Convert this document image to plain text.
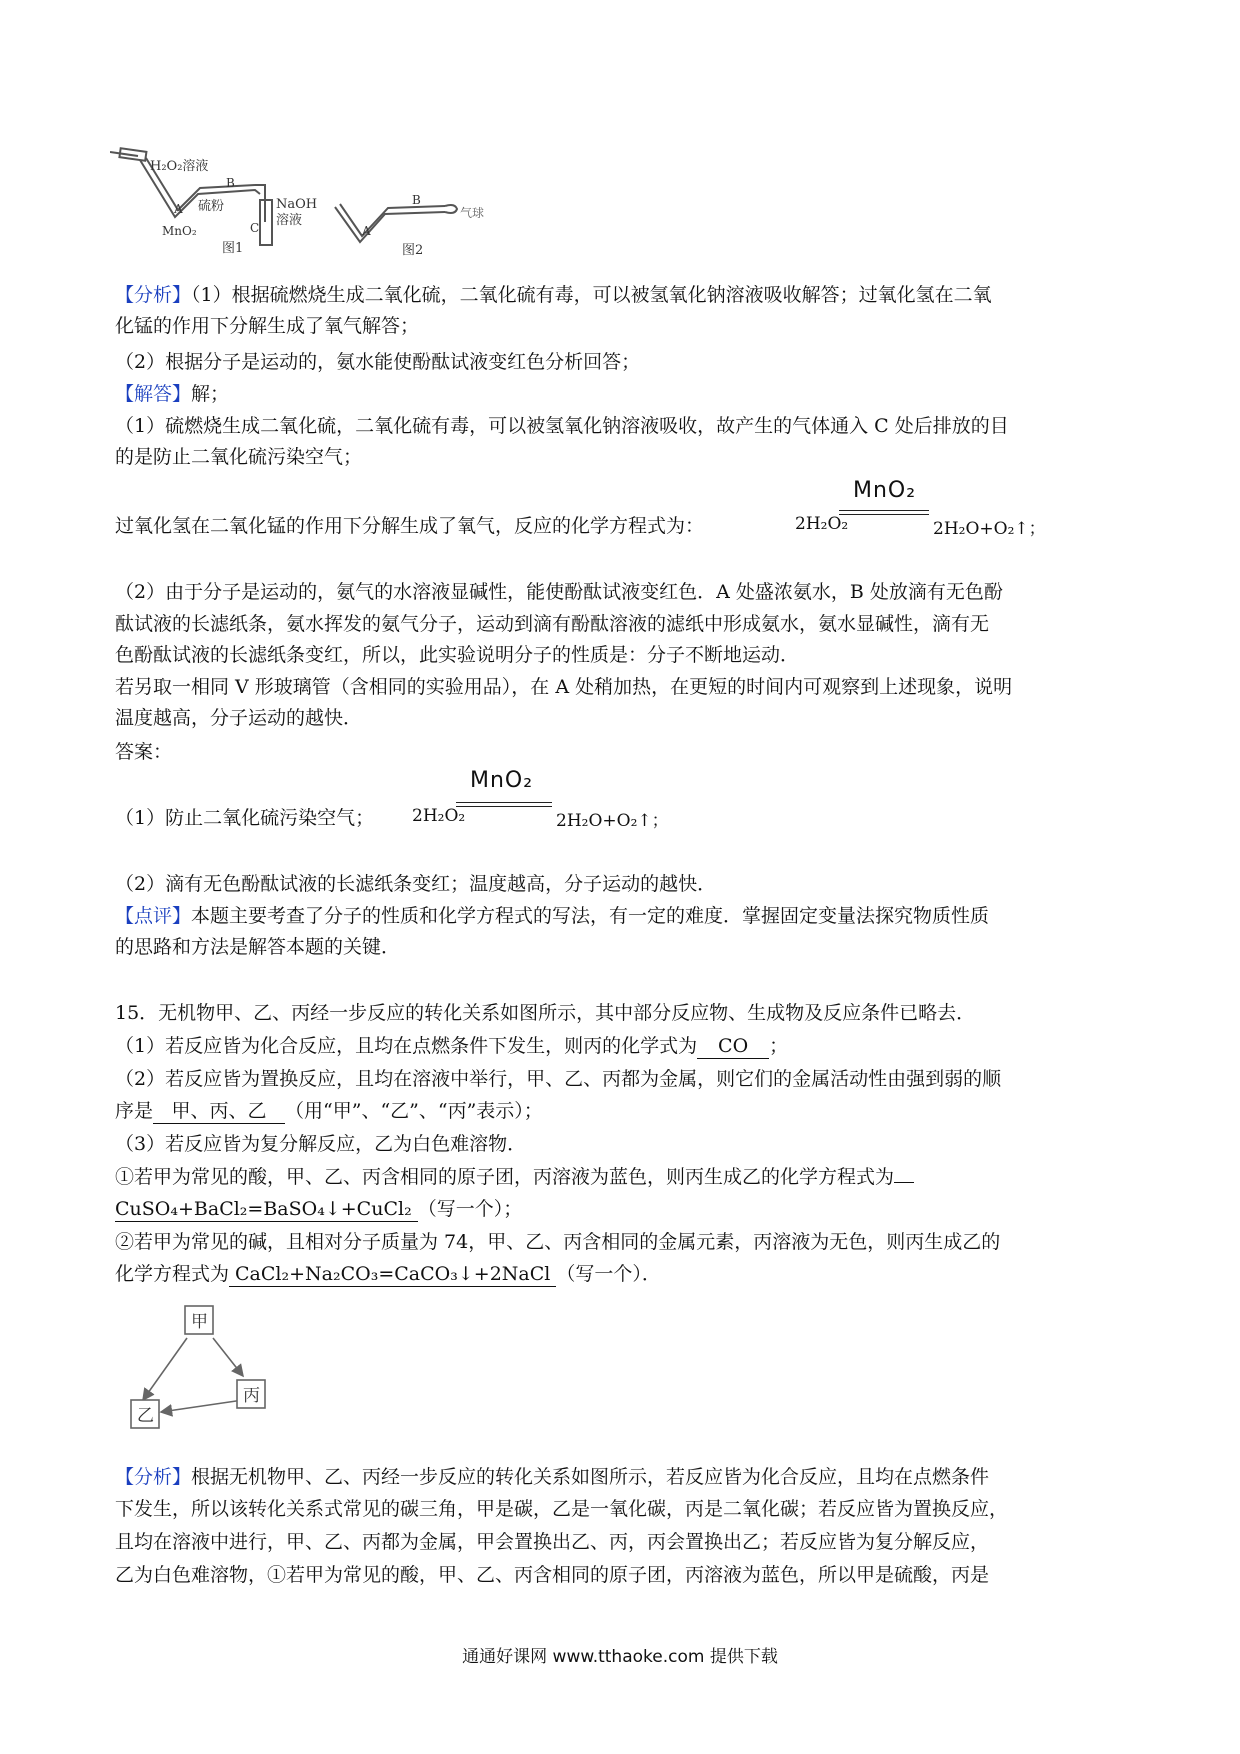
H₂O₂溶液
A
B
C
硫粉	NaOH
溶液
MnO₂
图1
A
B
气球
图2
【分析】（1）根据硫燃烧生成二氧化硫，二氧化硫有毒，可以被氢氧化钠溶液吸收解答；过氧化氢在二氧
化锰的作用下分解生成了氧气解答；
（2）根据分子是运动的，氨水能使酚酞试液变红色分析回答；
【解答】解；
（1）硫燃烧生成二氧化硫，二氧化硫有毒，可以被氢氧化钠溶液吸收，故产生的气体通入 C 处后排放的目
的是防止二氧化硫污染空气；
过氧化氢在二氧化锰的作用下分解生成了氧气，反应的化学方程式为：	2H₂O₂
MnO₂
2H₂O+O₂↑；
（2）由于分子是运动的，氨气的水溶液显碱性，能使酚酞试液变红色．A 处盛浓氨水，B 处放滴有无色酚
酞试液的长滤纸条，氨水挥发的氨气分子，运动到滴有酚酞溶液的滤纸中形成氨水，氨水显碱性，滴有无
色酚酞试液的长滤纸条变红，所以，此实验说明分子的性质是：分子不断地运动．
若另取一相同 V 形玻璃管（含相同的实验用品），在 A 处稍加热，在更短的时间内可观察到上述现象，说明
温度越高，分子运动的越快．
答案：
（1）防止二氧化硫污染空气； 2H₂O₂
MnO₂
2H₂O+O₂↑；
（2）滴有无色酚酞试液的长滤纸条变红；温度越高，分子运动的越快．
【点评】本题主要考查了分子的性质和化学方程式的写法，有一定的难度．掌握固定变量法探究物质性质
的思路和方法是解答本题的关键．
15．无机物甲、乙、丙经一步反应的转化关系如图所示，其中部分反应物、生成物及反应条件已略去．
（1）若反应皆为化合反应，且均在点燃条件下发生，则丙的化学式为 CO ；
（2）若反应皆为置换反应，且均在溶液中举行，甲、乙、丙都为金属，则它们的金属活动性由强到弱的顺
序是 甲、丙、乙 （用“甲”、“乙”、“丙”表示）；
（3）若反应皆为复分解反应，乙为白色难溶物．
①若甲为常见的酸，甲、乙、丙含相同的原子团，丙溶液为蓝色，则丙生成乙的化学方程式为
CuSO₄+BaCl₂=BaSO₄↓+CuCl₂ （写一个）；
②若甲为常见的碱，且相对分子质量为 74，甲、乙、丙含相同的金属元素，丙溶液为无色，则丙生成乙的
化学方程式为 CaCl₂+Na₂CO₃=CaCO₃↓+2NaCl （写一个）．
甲
丙
乙
【分析】根据无机物甲、乙、丙经一步反应的转化关系如图所示，若反应皆为化合反应，且均在点燃条件
下发生，所以该转化关系式常见的碳三角，甲是碳，乙是一氧化碳，丙是二氧化碳；若反应皆为置换反应，
且均在溶液中进行，甲、乙、丙都为金属，甲会置换出乙、丙，丙会置换出乙；若反应皆为复分解反应，
乙为白色难溶物，①若甲为常见的酸，甲、乙、丙含相同的原子团，丙溶液为蓝色，所以甲是硫酸，丙是
通通好课网 www.tthaoke.com 提供下载
